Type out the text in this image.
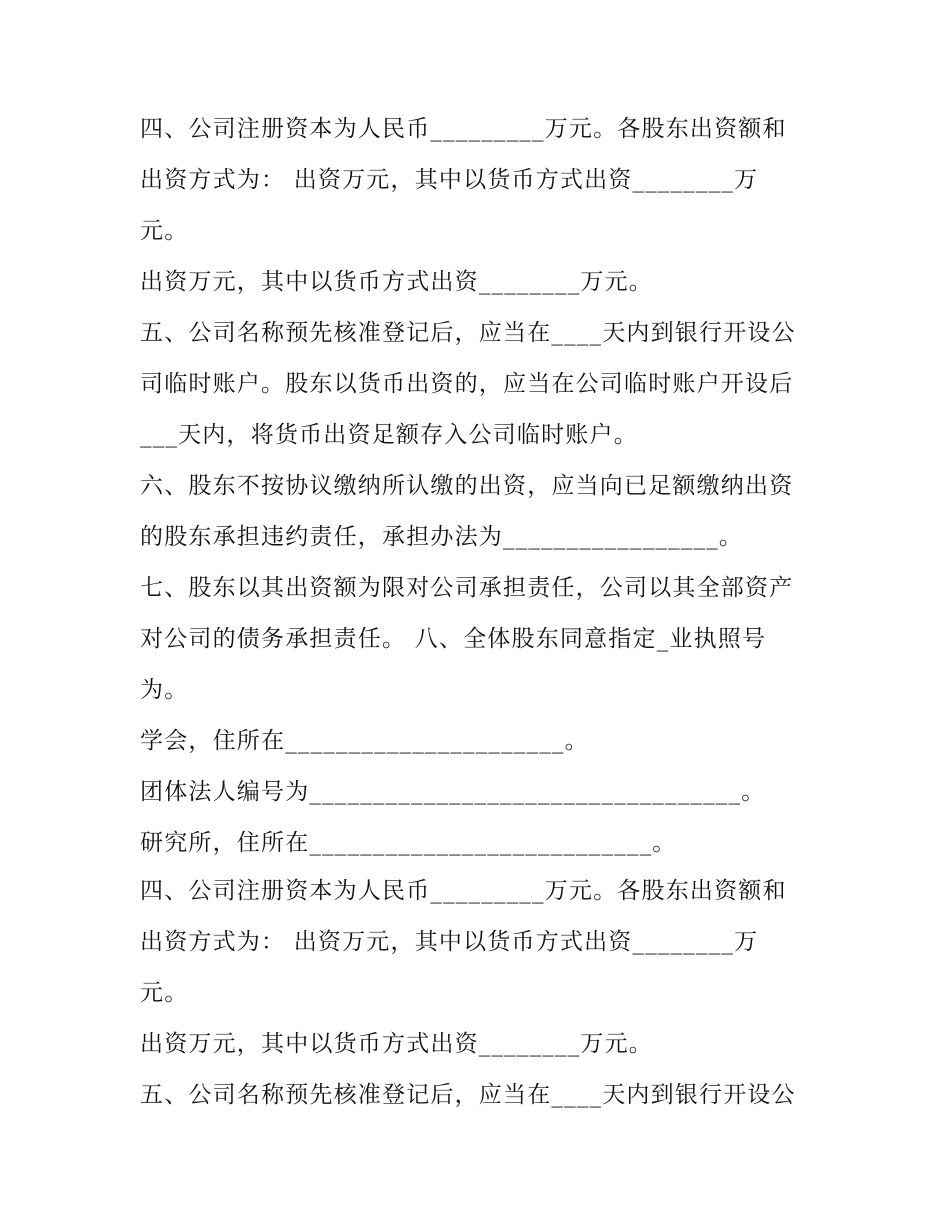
四、公司注册资本为人民币_________万元。各股东出资额和
出资方式为： 出资万元，其中以货币方式出资________万
元。
出资万元，其中以货币方式出资________万元。
五、公司名称预先核准登记后，应当在____天内到银行开设公
司临时账户。股东以货币出资的，应当在公司临时账户开设后
___天内，将货币出资足额存入公司临时账户。
六、股东不按协议缴纳所认缴的出资，应当向已足额缴纳出资
的股东承担违约责任，承担办法为_________________。
七、股东以其出资额为限对公司承担责任，公司以其全部资产
对公司的债务承担责任。 八、全体股东同意指定_业执照号
为。
学会，住所在______________________。
团体法人编号为__________________________________。
研究所，住所在___________________________。
四、公司注册资本为人民币_________万元。各股东出资额和
出资方式为： 出资万元，其中以货币方式出资________万
元。
出资万元，其中以货币方式出资________万元。
五、公司名称预先核准登记后，应当在____天内到银行开设公
